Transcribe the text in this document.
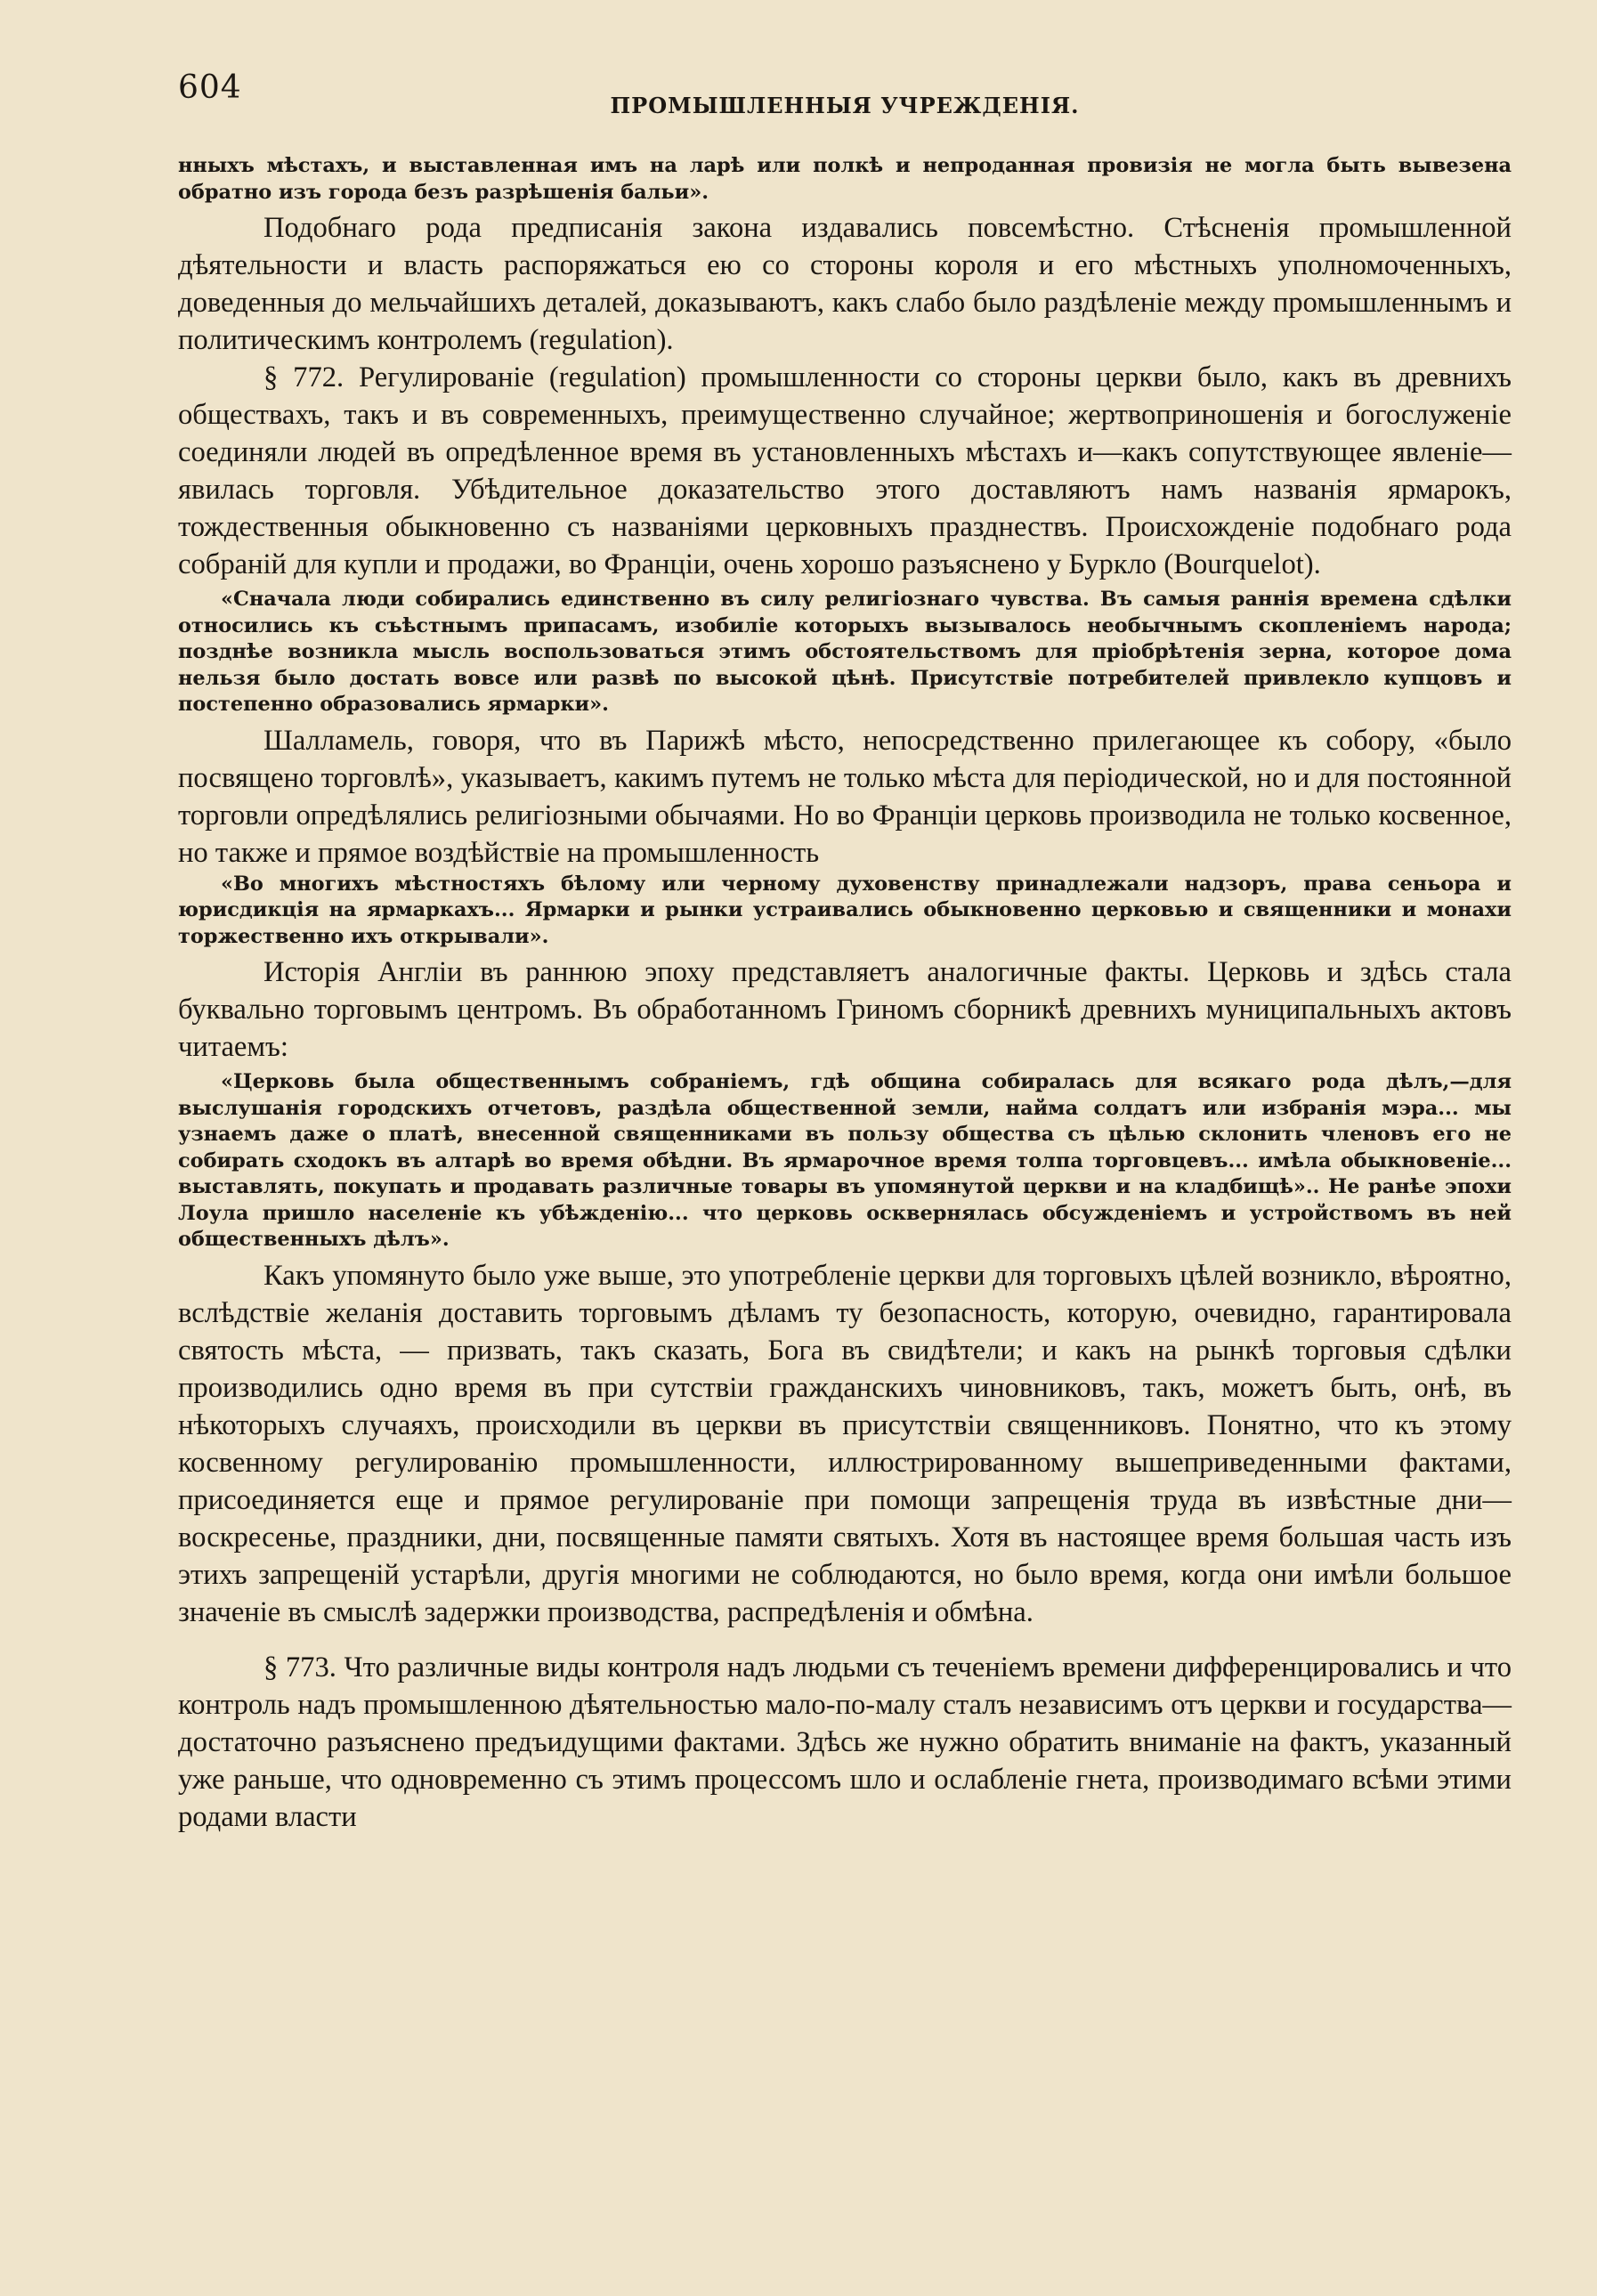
604	ПРОМЫШЛЕННЫЯ УЧРЕЖДЕНІЯ.

нныхъ мѣстахъ, и выставленная имъ на ларѣ или полкѣ и непроданная провизія не могла быть вывезена обратно изъ города безъ разрѣшенія бальи».

Подобнаго рода предписанія закона издавались повсемѣстно. Стѣсненія промышленной дѣятельности и власть распоряжаться ею со стороны короля и его мѣстныхъ уполномоченныхъ, доведенныя до мельчайшихъ деталей, доказываютъ, какъ слабо было раздѣленіе между промышленнымъ и политическимъ контролемъ (regulation).

§ 772. Регулированіе (regulation) промышленности со стороны церкви было, какъ въ древнихъ обществахъ, такъ и въ современныхъ, преимущественно случайное; жертвоприношенія и богослуженіе соединяли людей въ опредѣленное время въ установленныхъ мѣстахъ и—какъ сопутствующее явленіе—явилась торговля. Убѣдительное доказательство этого доставляютъ намъ названія ярмарокъ, тождественныя обыкновенно съ названіями церковныхъ празднествъ. Происхожденіе подобнаго рода собраній для купли и продажи, во Франціи, очень хорошо разъяснено у Буркло (Bourquelot).

«Сначала люди собирались единственно въ силу религіознаго чувства. Въ самыя раннія времена сдѣлки относились къ съѣстнымъ припасамъ, изобиліе которыхъ вызывалось необычнымъ скопленіемъ народа; позднѣе возникла мысль воспользоваться этимъ обстоятельствомъ для пріобрѣтенія зерна, которое дома нельзя было достать вовсе или развѣ по высокой цѣнѣ. Присутствіе потребителей привлекло купцовъ и постепенно образовались ярмарки».

Шалламель, говоря, что въ Парижѣ мѣсто, непосредственно прилегающее къ собору, «было посвящено торговлѣ», указываетъ, какимъ путемъ не только мѣста для періодической, но и для постоянной торговли опредѣлялись религіозными обычаями. Но во Франціи церковь производила не только косвенное, но также и прямое воздѣйствіе на промышленность

«Во многихъ мѣстностяхъ бѣлому или черному духовенству принадлежали надзоръ, права сеньора и юрисдикція на ярмаркахъ... Ярмарки и рынки устраивались обыкновенно церковью и священники и монахи торжественно ихъ открывали».

Исторія Англіи въ раннюю эпоху представляетъ аналогичные факты. Церковь и здѣсь стала буквально торговымъ центромъ. Въ обработанномъ Гриномъ сборникѣ древнихъ муниципальныхъ актовъ читаемъ:

«Церковь была общественнымъ собраніемъ, гдѣ община собиралась для всякаго рода дѣлъ,—для выслушанія городскихъ отчетовъ, раздѣла общественной земли, найма солдатъ или избранія мэра... мы узнаемъ даже о платѣ, внесенной священниками въ пользу общества съ цѣлью склонить членовъ его не собирать сходокъ въ алтарѣ во время обѣдни. Въ ярмарочное время толпа торговцевъ... имѣла обыкновеніе... выставлять, покупать и продавать различные товары въ упомянутой церкви и на кладбищѣ».. Не ранѣе эпохи Лоула пришло населеніе къ убѣжденію... что церковь осквернялась обсужденіемъ и устройствомъ въ ней общественныхъ дѣлъ».

Какъ упомянуто было уже выше, это употребленіе церкви для торговыхъ цѣлей возникло, вѣроятно, вслѣдствіе желанія доставить торговымъ дѣламъ ту безопасность, которую, очевидно, гарантировала святость мѣста, — призвать, такъ сказать, Бога въ свидѣтели; и какъ на рынкѣ торговыя сдѣлки производились одно время въ при сутствіи гражданскихъ чиновниковъ, такъ, можетъ быть, онѣ, въ нѣкоторыхъ случаяхъ, происходили въ церкви въ присутствіи священниковъ. Понятно, что къ этому косвенному регулированію промышленности, иллюстрированному вышеприведенными фактами, присоединяется еще и прямое регулированіе при помощи запрещенія труда въ извѣстные дни—воскресенье, праздники, дни, посвященные памяти святыхъ. Хотя въ настоящее время большая часть изъ этихъ запрещеній устарѣли, другія многими не соблюдаются, но было время, когда они имѣли большое значеніе въ смыслѣ задержки производства, распредѣленія и обмѣна.

§ 773. Что различные виды контроля надъ людьми съ теченіемъ времени дифференцировались и что контроль надъ промышленною дѣятельностью мало-по-малу сталъ независимъ отъ церкви и государства—достаточно разъяснено предъидущими фактами. Здѣсь же нужно обратить вниманіе на фактъ, указанный уже раньше, что одновременно съ этимъ процессомъ шло и ослабленіе гнета, производимаго всѣми этими родами власти
